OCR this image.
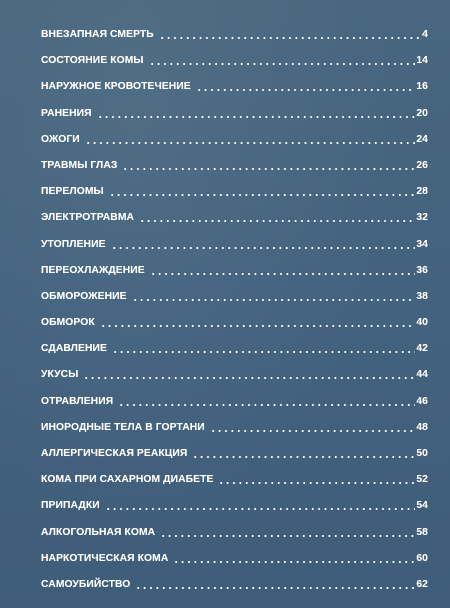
ВНЕЗАПНАЯ СМЕРТЬ	4
СОСТОЯНИЕ КОМЫ	14
НАРУЖНОЕ КРОВОТЕЧЕНИЕ	16
РАНЕНИЯ	20
ОЖОГИ	24
ТРАВМЫ ГЛАЗ	26
ПЕРЕЛОМЫ	28
ЭЛЕКТРОТРАВМА	32
УТОПЛЕНИЕ	34
ПЕРЕОХЛАЖДЕНИЕ	36
ОБМОРОЖЕНИЕ	38
ОБМОРОК	40
СДАВЛЕНИЕ	42
УКУСЫ	44
ОТРАВЛЕНИЯ	46
ИНОРОДНЫЕ ТЕЛА В ГОРТАНИ	48
АЛЛЕРГИЧЕСКАЯ РЕАКЦИЯ	50
КОМА ПРИ САХАРНОМ ДИАБЕТЕ	52
ПРИПАДКИ	54
АЛКОГОЛЬНАЯ КОМА	58
НАРКОТИЧЕСКАЯ КОМА	60
САМОУБИЙСТВО	62
